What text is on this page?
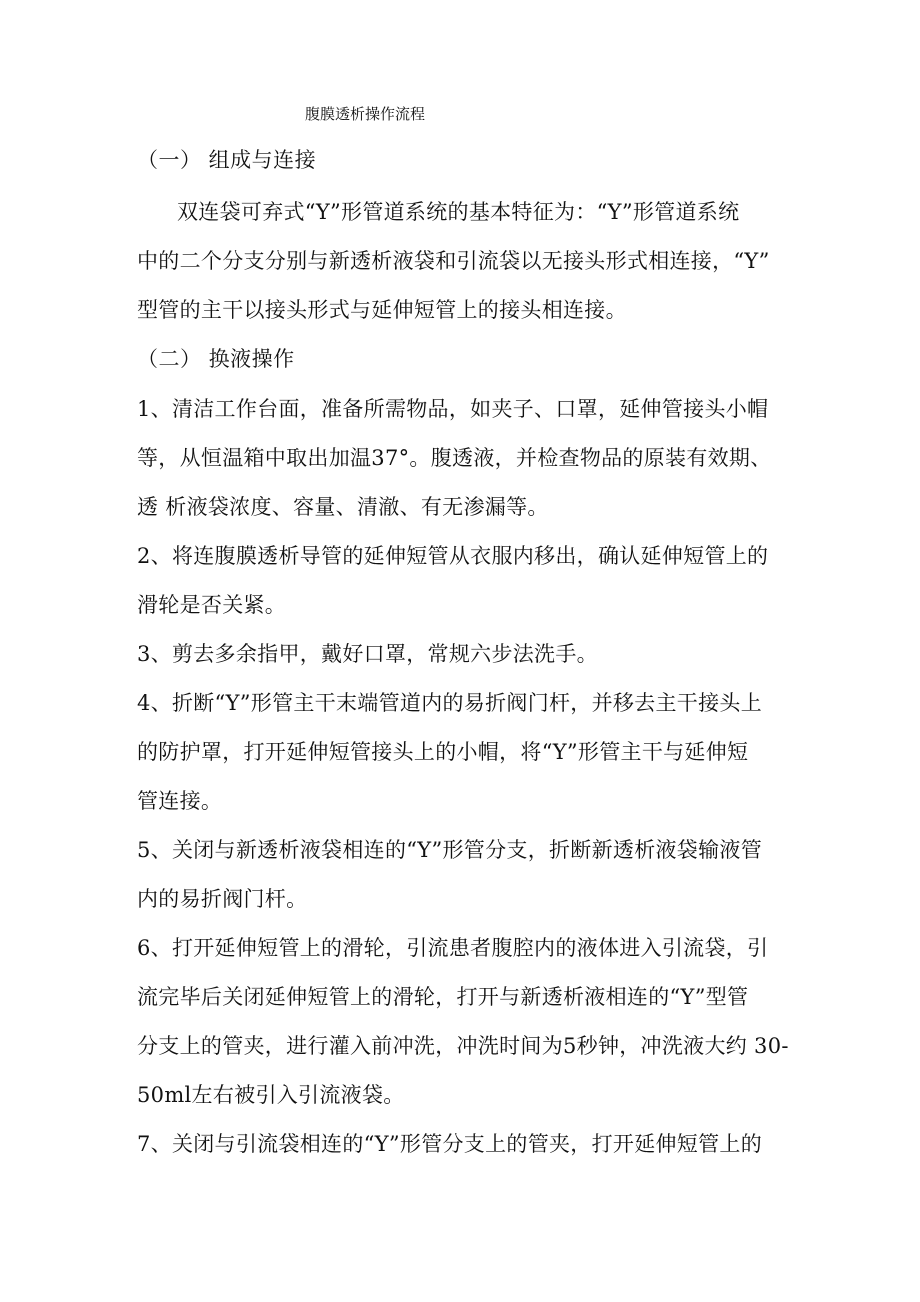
腹膜透析操作流程
（一） 组成与连接
双连袋可弃式“Y”形管道系统的基本特征为：“Y”形管道系统
中的二个分支分别与新透析液袋和引流袋以无接头形式相连接，“Y”
型管的主干以接头形式与延伸短管上的接头相连接。
（二） 换液操作
1、清洁工作台面，准备所需物品，如夹子、口罩，延伸管接头小帽
等，从恒温箱中取出加温37°。腹透液，并检查物品的原装有效期、
透 析液袋浓度、容量、清澈、有无渗漏等。
2、将连腹膜透析导管的延伸短管从衣服内移出，确认延伸短管上的
滑轮是否关紧。
3、剪去多余指甲，戴好口罩，常规六步法洗手。
4、折断“Y”形管主干末端管道内的易折阀门杆，并移去主干接头上
的防护罩，打开延伸短管接头上的小帽，将“Y”形管主干与延伸短
管连接。
5、关闭与新透析液袋相连的“Y”形管分支，折断新透析液袋输液管
内的易折阀门杆。
6、打开延伸短管上的滑轮，引流患者腹腔内的液体进入引流袋，引
流完毕后关闭延伸短管上的滑轮，打开与新透析液相连的“Y”型管
分支上的管夹，进行灌入前冲洗，冲洗时间为5秒钟，冲洗液大约 30-
50ml左右被引入引流液袋。
7、关闭与引流袋相连的“Y”形管分支上的管夹，打开延伸短管上的
